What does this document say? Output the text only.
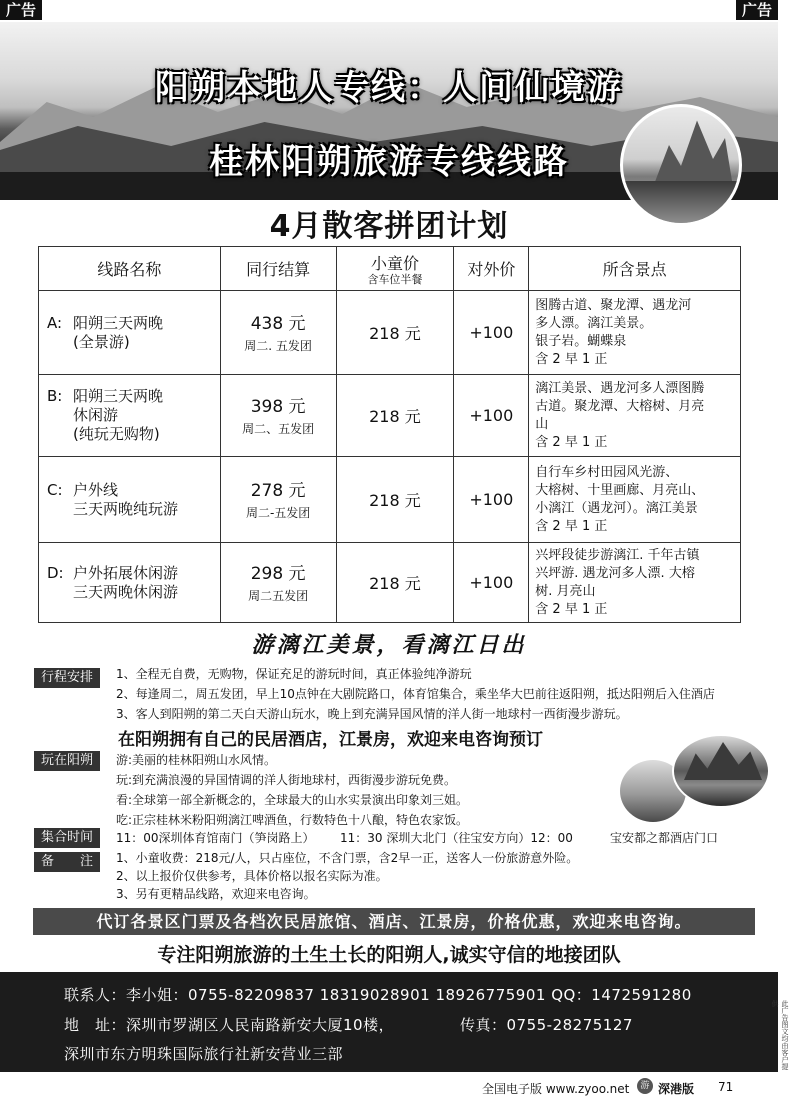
广告	广告
阳朔本地人专线：人间仙境游
桂林阳朔旅游专线线路
4月散客拼团计划
线路名称	同行结算	小童价
含车位半餐	对外价	所含景点
A: 阳朔三天两晚
(全景游)	438 元
周二. 五发团	218 元	+100	图腾古道、聚龙潭、遇龙河
多人漂。漓江美景。
银子岩。蝴蝶泉
含 2 早 1 正
B: 阳朔三天两晚
休闲游
(纯玩无购物)	398 元
周二、五发团	218 元	+100	漓江美景、遇龙河多人漂图腾
古道。聚龙潭、大榕树、月亮
山
含 2 早 1 正
C: 户外线
三天两晚纯玩游	278 元
周二-五发团	218 元	+100	自行车乡村田园风光游、
大榕树、十里画廊、月亮山、
小漓江（遇龙河）。漓江美景
含 2 早 1 正
D: 户外拓展休闲游
三天两晚休闲游	298 元
周二五发团	218 元	+100	兴坪段徒步游漓江. 千年古镇
兴坪游. 遇龙河多人漂. 大榕
树. 月亮山
含 2 早 1 正
游漓江美景，看漓江日出
行程安排	1、全程无自费，无购物，保证充足的游玩时间，真正体验纯净游玩
2、每逢周二，周五发团，早上10点钟在大剧院路口，体育馆集合，乘坐华大巴前往返阳朔，抵达阳朔后入住酒店
3、客人到阳朔的第二天白天游山玩水，晚上到充满异国风情的洋人街一地球村一西街漫步游玩。
在阳朔拥有自己的民居酒店，江景房，欢迎来电咨询预订
玩在阳朔	游:美丽的桂林阳朔山水风情。
玩:到充满浪漫的异国情调的洋人街地球村，西街漫步游玩免费。
看:全球第一部全新概念的，全球最大的山水实景演出印象刘三姐。
吃:正宗桂林米粉阳朔漓江啤酒鱼，行数特色十八酿，特色农家饭。
集合时间	11：00深圳体育馆南门（笋岗路上） 11：30 深圳大北门（往宝安方向）12：00	宝安都之都酒店门口
备　　注	1、小童收费：218元/人，只占座位，不含门票，含2早一正，送客人一份旅游意外险。
2、以上报价仅供参考，具体价格以报名实际为准。
3、另有更精品线路，欢迎来电咨询。
代订各景区门票及各档次民居旅馆、酒店、江景房，价格优惠，欢迎来电咨询。
专注阳朔旅游的土生土长的阳朔人,诚实守信的地接团队
联系人：李小姐：0755-82209837 18319028901 18926775901 QQ：1472591280
地　址：深圳市罗湖区人民南路新安大厦10楼，	传真：0755-28275127
深圳市东方明珠国际旅行社新安营业三部	此广告图文均由客户提供
全国电子版 www.zyoo.net	游 深港版 71
